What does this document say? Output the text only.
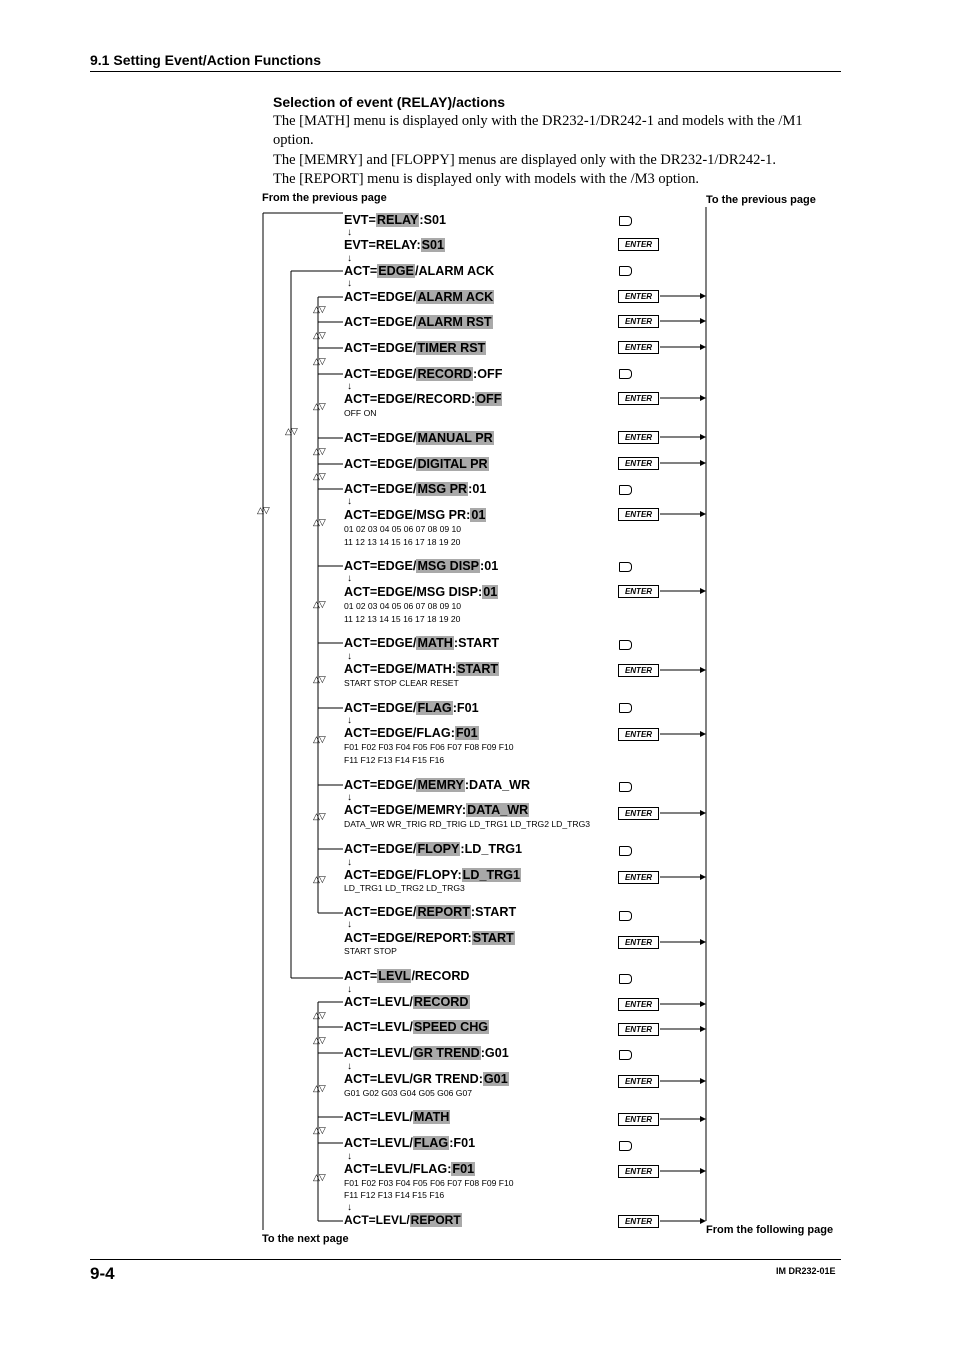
9.1 Setting Event/Action Functions
Selection of event (RELAY)/actions
The [MATH] menu is displayed only with the DR232-1/DR242-1 and models with the /M1 option.
The [MEMRY] and [FLOPPY] menus are displayed only with the DR232-1/DR242-1.
The [REPORT] menu is displayed only with models with the /M3 option.
From the previous page	To the previous page
To the next page
From the following page
EVT=RELAY:S01
EVT=RELAY:S01
ACT=EDGE/ALARM ACK
ACT=EDGE/ALARM ACK
ACT=EDGE/ALARM RST
ACT=EDGE/TIMER RST
ACT=EDGE/RECORD:OFF
ACT=EDGE/RECORD:OFF
OFF ON
ACT=EDGE/MANUAL PR
ACT=EDGE/DIGITAL PR
ACT=EDGE/MSG PR:01
ACT=EDGE/MSG PR:01
01 02 03 04 05 06 07 08 09 10
11 12 13 14 15 16 17 18 19 20
ACT=EDGE/MSG DISP:01
ACT=EDGE/MSG DISP:01
01 02 03 04 05 06 07 08 09 10
11 12 13 14 15 16 17 18 19 20
ACT=EDGE/MATH:START
ACT=EDGE/MATH:START
START STOP CLEAR RESET
ACT=EDGE/FLAG:F01
ACT=EDGE/FLAG:F01
F01 F02 F03 F04 F05 F06 F07 F08 F09 F10
F11 F12 F13 F14 F15 F16
ACT=EDGE/MEMRY:DATA_WR
ACT=EDGE/MEMRY:DATA_WR
DATA_WR WR_TRIG RD_TRIG LD_TRG1 LD_TRG2 LD_TRG3
ACT=EDGE/FLOPY:LD_TRG1
ACT=EDGE/FLOPY:LD_TRG1
LD_TRG1 LD_TRG2 LD_TRG3
ACT=EDGE/REPORT:START
ACT=EDGE/REPORT:START
START STOP
ACT=LEVL/RECORD
ACT=LEVL/RECORD
ACT=LEVL/SPEED CHG
ACT=LEVL/GR TREND:G01
ACT=LEVL/GR TREND:G01
G01 G02 G03 G04 G05 G06 G07
ACT=LEVL/MATH
ACT=LEVL/FLAG:F01
ACT=LEVL/FLAG:F01
F01 F02 F03 F04 F05 F06 F07 F08 F09 F10
F11 F12 F13 F14 F15 F16
ACT=LEVL/REPORT
↓
↓
↓
↓
↓
↓
↓
↓
↓
↓
↓
↓
↓
↓
↓
△▽
△▽
△▽
△▽
△▽
△▽
△▽
△▽
△▽
△▽
△▽
△▽
△▽
△▽
△▽
△▽
△▽
△▽
△▽
ENTER
ENTER
ENTER
ENTER
ENTER
ENTER
ENTER
ENTER
ENTER
ENTER
ENTER
ENTER
ENTER
ENTER
ENTER
ENTER
ENTER
ENTER
ENTER
ENTER
9-4	IM DR232-01E
